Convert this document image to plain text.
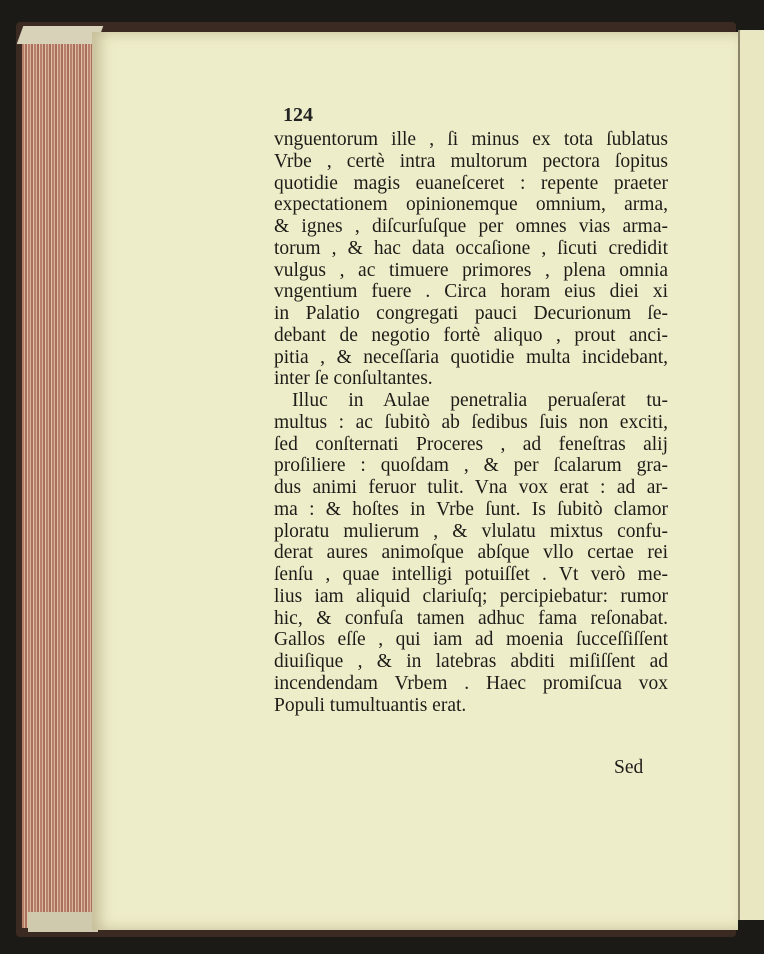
124
vnguentorum ille , ſi minus ex tota ſublatus
Vrbe , certè intra multorum pectora ſopitus
quotidie magis euaneſceret : repente praeter
expectationem opinionemque omnium, arma,
& ignes , diſcurſuſque per omnes vias arma-
torum , & hac data occaſione , ſicuti credidit
vulgus , ac timuere primores , plena omnia
vngentium fuere . Circa horam eius diei xi
in Palatio congregati pauci Decurionum ſe-
debant de negotio fortè aliquo , prout anci-
pitia , & neceſſaria quotidie multa incidebant,
inter ſe conſultantes.
Illuc in Aulae penetralia peruaſerat tu-
multus : ac ſubitò ab ſedibus ſuis non exciti,
ſed conſternati Proceres , ad feneſtras alij
proſiliere : quoſdam , & per ſcalarum gra-
dus animi feruor tulit. Vna vox erat : ad ar-
ma : & hoſtes in Vrbe ſunt. Is ſubitò clamor
ploratu mulierum , & vlulatu mixtus confu-
derat aures animoſque abſque vllo certae rei
ſenſu , quae intelligi potuiſſet . Vt verò me-
lius iam aliquid clariuſq; percipiebatur: rumor
hic, & confuſa tamen adhuc fama reſonabat.
Gallos eſſe , qui iam ad moenia ſucceſſiſſent
diuiſique , & in latebras abditi miſiſſent ad
incendendam Vrbem . Haec promiſcua vox
Populi tumultuantis erat.
Sed
